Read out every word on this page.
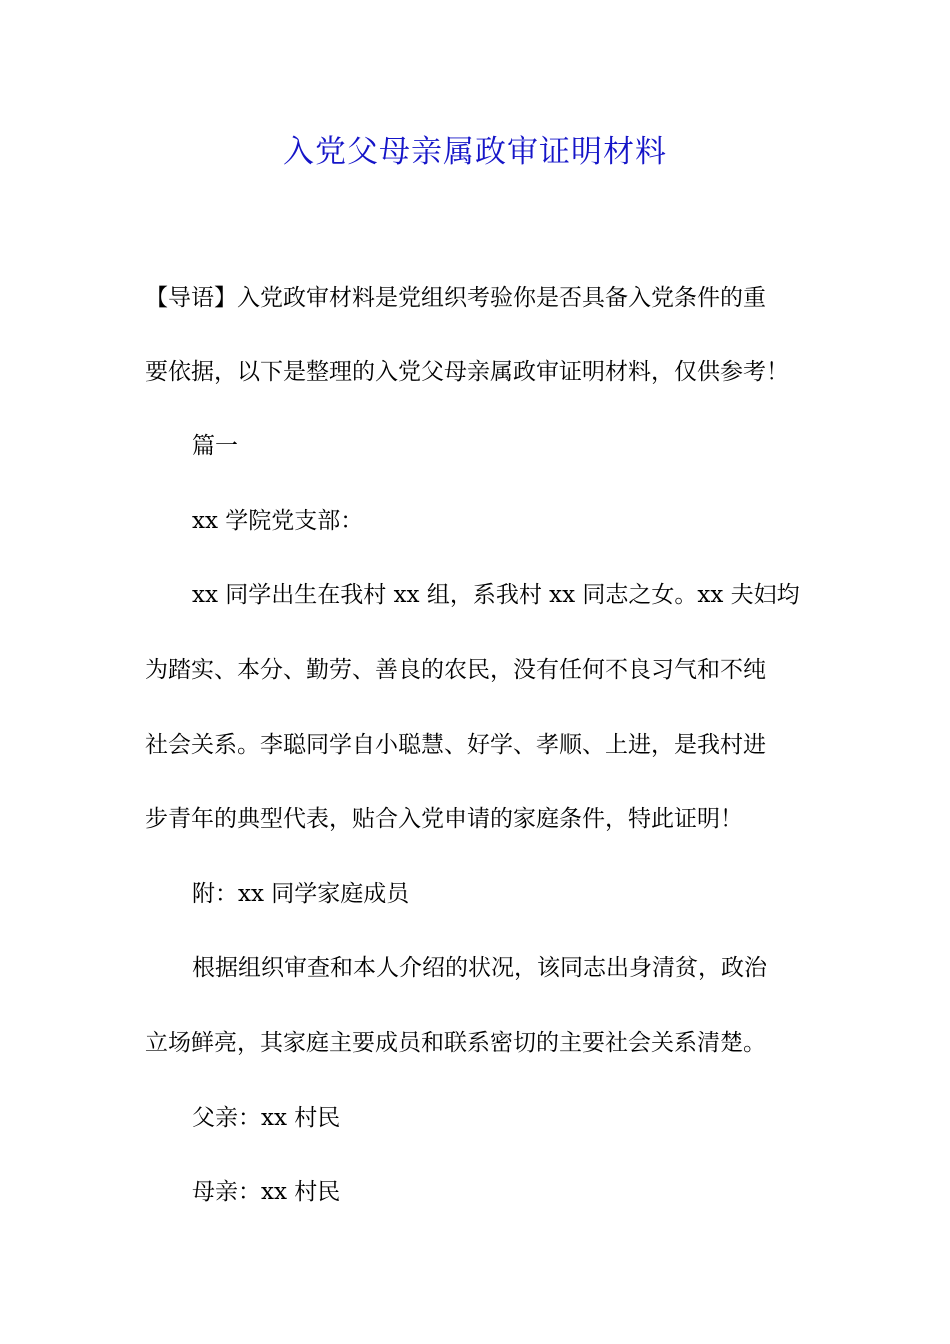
入党父母亲属政审证明材料

【导语】入党政审材料是党组织考验你是否具备入党条件的重

要依据，以下是整理的入党父母亲属政审证明材料，仅供参考！

篇一

xx 学院党支部：

xx 同学出生在我村 xx 组，系我村 xx 同志之女。xx 夫妇均

为踏实、本分、勤劳、善良的农民，没有任何不良习气和不纯

社会关系。李聪同学自小聪慧、好学、孝顺、上进，是我村进

步青年的典型代表，贴合入党申请的家庭条件，特此证明！

附：xx 同学家庭成员

根据组织审查和本人介绍的状况，该同志出身清贫，政治

立场鲜亮，其家庭主要成员和联系密切的主要社会关系清楚。

父亲：xx 村民

母亲：xx 村民
